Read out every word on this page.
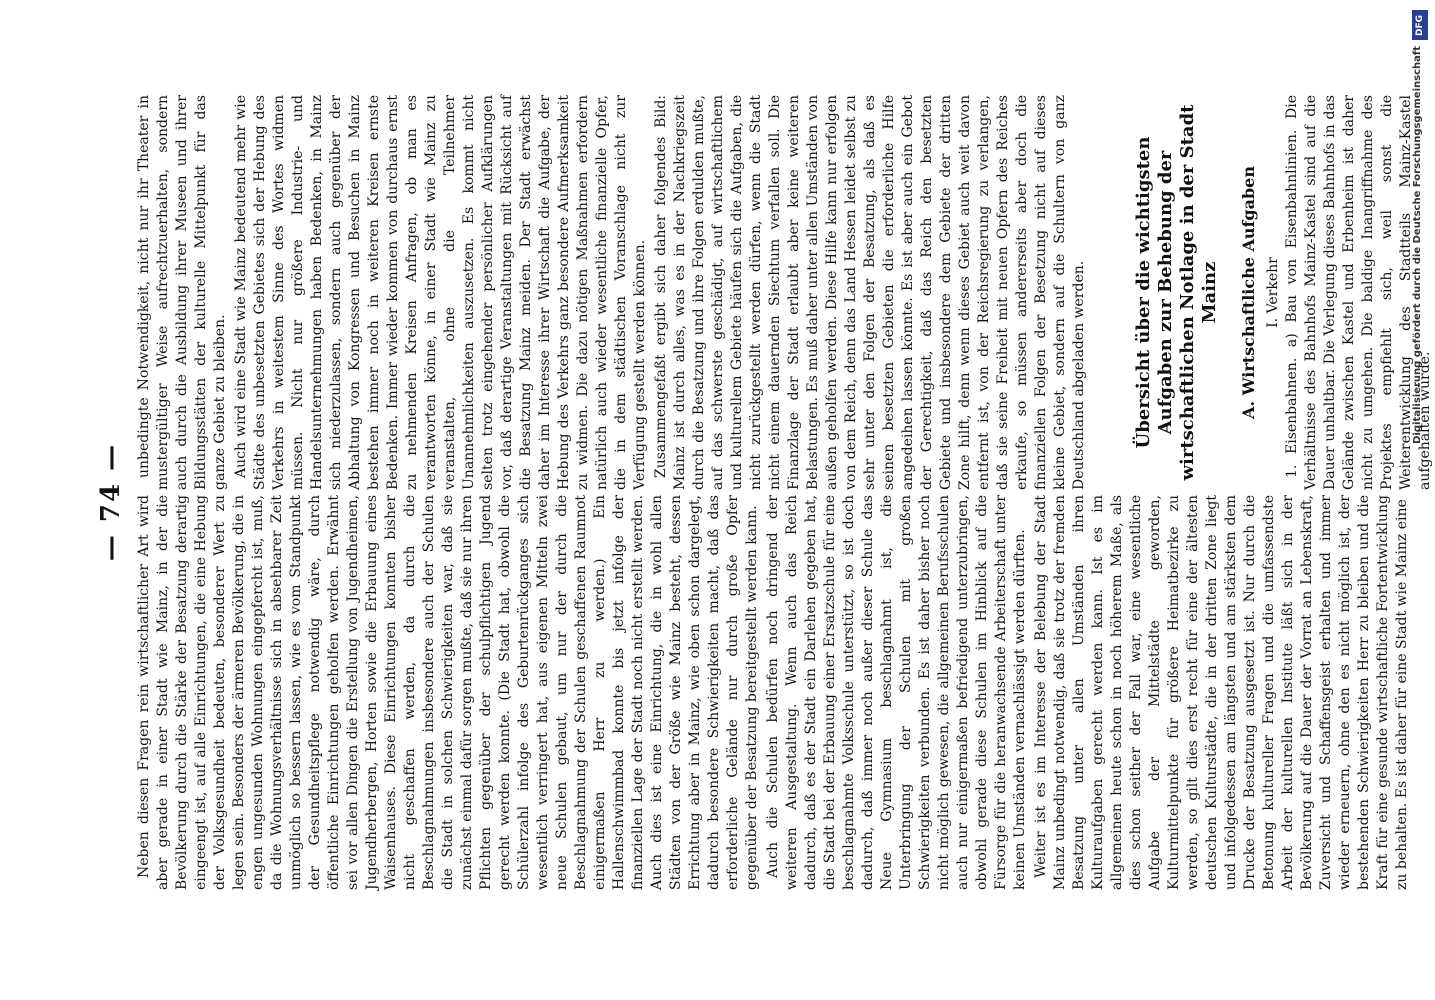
— 74 — Neben diesen Fragen rein wirtschaftlicher Art wird aber gerade in einer Stadt wie Mainz, in der die Bevölkerung durch die Stärke der Besatzung derartig eingeengt ist, auf alle Einrichtungen, die eine Hebung der Volksgesundheit bedeuten, besonderer Wert zu legen sein. Besonders der ärmeren Bevölkerung, die in engen ungesunden Wohnungen eingepfercht ist, muß, da die Wohnungsverhältnisse sich in absehbarer Zeit unmöglich so bessern lassen, wie es vom Standpunkt der Gesundheitspflege notwendig wäre, durch öffentliche Einrichtungen geholfen werden. Erwähnt sei vor allen Dingen die Erstellung von Jugendheimen, Jugendherbergen, Horten sowie die Erbauung eines Waisenhauses. Diese Einrichtungen konnten bisher nicht geschaffen werden, da durch die Beschlagnahmungen insbesondere auch der Schulen die Stadt in solchen Schwierigkeiten war, daß sie zunächst einmal dafür sorgen mußte, daß sie nur ihren Pflichten gegenüber der schulpflichtigen Jugend gerecht werden konnte. (Die Stadt hat, obwohl die Schülerzahl infolge des Geburtenrückganges sich wesentlich verringert hat, aus eigenen Mitteln zwei neue Schulen gebaut, um nur der durch die Beschlagnahmung der Schulen geschaffenen Raumnot einigermaßen Herr zu werden.) Ein Hallenschwimmbad konnte bis jetzt infolge der finanziellen Lage der Stadt noch nicht erstellt werden. Auch dies ist eine Einrichtung, die in wohl allen Städten von der Größe wie Mainz besteht, dessen Errichtung aber in Mainz, wie oben schon dargelegt, dadurch besondere Schwierigkeiten macht, daß das erforderliche Gelände nur durch große Opfer gegenüber der Besatzung bereitgestellt werden kann. Auch die Schulen bedürfen noch dringend der weiteren Ausgestaltung. Wenn auch das Reich dadurch, daß es der Stadt ein Darlehen gegeben hat, die Stadt bei der Erbauung einer Ersatzschule für eine beschlagnahmte Volksschule unterstützt, so ist doch dadurch, daß immer noch außer dieser Schule das Neue Gymnasium beschlagnahmt ist, die Unterbringung der Schulen mit großen Schwierigkeiten verbunden. Es ist daher bisher noch nicht möglich gewesen, die allgemeinen Berufsschulen auch nur einigermaßen befriedigend unterzubringen, obwohl gerade diese Schulen im Hinblick auf die Fürsorge für die heranwachsende Arbeiterschaft unter keinen Umständen vernachlässigt werden dürften. Weiter ist es im Interesse der Belebung der Stadt Mainz unbedingt notwendig, daß sie trotz der fremden Besatzung unter allen Umständen ihren Kulturaufgaben gerecht werden kann. Ist es im allgemeinen heute schon in noch höherem Maße, als dies schon seither der Fall war, eine wesentliche Aufgabe der Mittelstädte geworden, Kulturmittelpunkte für größere Heimatbezirke zu werden, so gilt dies erst recht für eine der ältesten deutschen Kulturstädte, die in der dritten Zone liegt und infolgedessen am längsten und am stärksten dem Drucke der Besatzung ausgesetzt ist. Nur durch die Betonung kultureller Fragen und die umfassendste Arbeit der kulturellen Institute läßt sich in der Bevölkerung auf die Dauer der Vorrat an Lebenskraft, Zuversicht und Schaffensgeist erhalten und immer wieder erneuern, ohne den es nicht möglich ist, der bestehenden Schwierigkeiten Herr zu bleiben und die Kraft für eine gesunde wirtschaftliche Fortentwicklung zu behalten. Es ist daher für eine Stadt wie Mainz eine

unbedingte Notwendigkeit, nicht nur ihr Theater in mustergültiger Weise aufrechtzuerhalten, sondern auch durch die Ausbildung ihrer Museen und ihrer Bildungsstätten der kulturelle Mittelpunkt für das ganze Gebiet zu bleiben. Auch wird eine Stadt wie Mainz bedeutend mehr wie Städte des unbesetzten Gebietes sich der Hebung des Verkehrs in weitestem Sinne des Wortes widmen müssen. Nicht nur größere Industrie- und Handelsunternehmungen haben Bedenken, in Mainz sich niederzulassen, sondern auch gegenüber der Abhaltung von Kongressen und Besuchen in Mainz bestehen immer noch in weiteren Kreisen ernste Bedenken. Immer wieder kommen von durchaus ernst zu nehmenden Kreisen Anfragen, ob man es verantworten könne, in einer Stadt wie Mainz zu veranstalten, ohne die Teilnehmer Unannehmlichkeiten auszusetzen. Es kommt nicht selten trotz eingehender persönlicher Aufklärungen vor, daß derartige Veranstaltungen mit Rücksicht auf die Besatzung Mainz meiden. Der Stadt erwächst daher im Interesse ihrer Wirtschaft die Aufgabe, der Hebung des Verkehrs ganz besondere Aufmerksamkeit zu widmen. Die dazu nötigen Maßnahmen erfordern natürlich auch wieder wesentliche finanzielle Opfer, die in dem städtischen Voranschlage nicht zur Verfügung gestellt werden können. Zusammengefaßt ergibt sich daher folgendes Bild: Mainz ist durch alles, was es in der Nachkriegszeit durch die Besatzung und ihre Folgen erdulden mußte, auf das schwerste geschädigt, auf wirtschaftlichem und kulturellem Gebiete häufen sich die Aufgaben, die nicht zurückgestellt werden dürfen, wenn die Stadt nicht einem dauernden Siechtum verfallen soll. Die Finanzlage der Stadt erlaubt aber keine weiteren Belastungen. Es muß daher unter allen Umständen von außen geholfen werden. Diese Hilfe kann nur erfolgen von dem Reich, denn das Land Hessen leidet selbst zu sehr unter den Folgen der Besatzung, als daß es seinen besetzten Gebieten die erforderliche Hilfe angedeihen lassen könnte. Es ist aber auch ein Gebot der Gerechtigkeit, daß das Reich den besetzten Gebiete und insbesondere dem Gebiete der dritten Zone hilft, denn wenn dieses Gebiet auch weit davon entfernt ist, von der Reichsregierung zu verlangen, daß sie seine Freiheit mit neuen Opfern des Reiches erkaufe, so müssen andererseits aber doch die finanziellen Folgen der Besetzung nicht auf dieses kleine Gebiet, sondern auf die Schultern von ganz Deutschland abgeladen werden.	Übersicht über die wichtigsten Aufgaben zur Behebung der wirtschaftlichen Notlage in der Stadt Mainz A. Wirtschaftliche Aufgaben I. Verkehr 1. Eisenbahnen. a) Bau von Eisenbahnlinien. Die Verhältnisse des Bahnhofs Mainz-Kastel sind auf die Dauer unhaltbar. Die Verlegung dieses Bahnhofs in das Gelände zwischen Kastel und Erbenheim ist daher nicht zu umgehen. Die baldige Inangriffnahme des Projektes empfiehlt sich, weil sonst die Weiterentwicklung des Stadtteils Mainz-Kastel aufgehalten würde.

DFG
Digitalisierung gefördert durch die Deutsche Forschungsgemeinschaft
